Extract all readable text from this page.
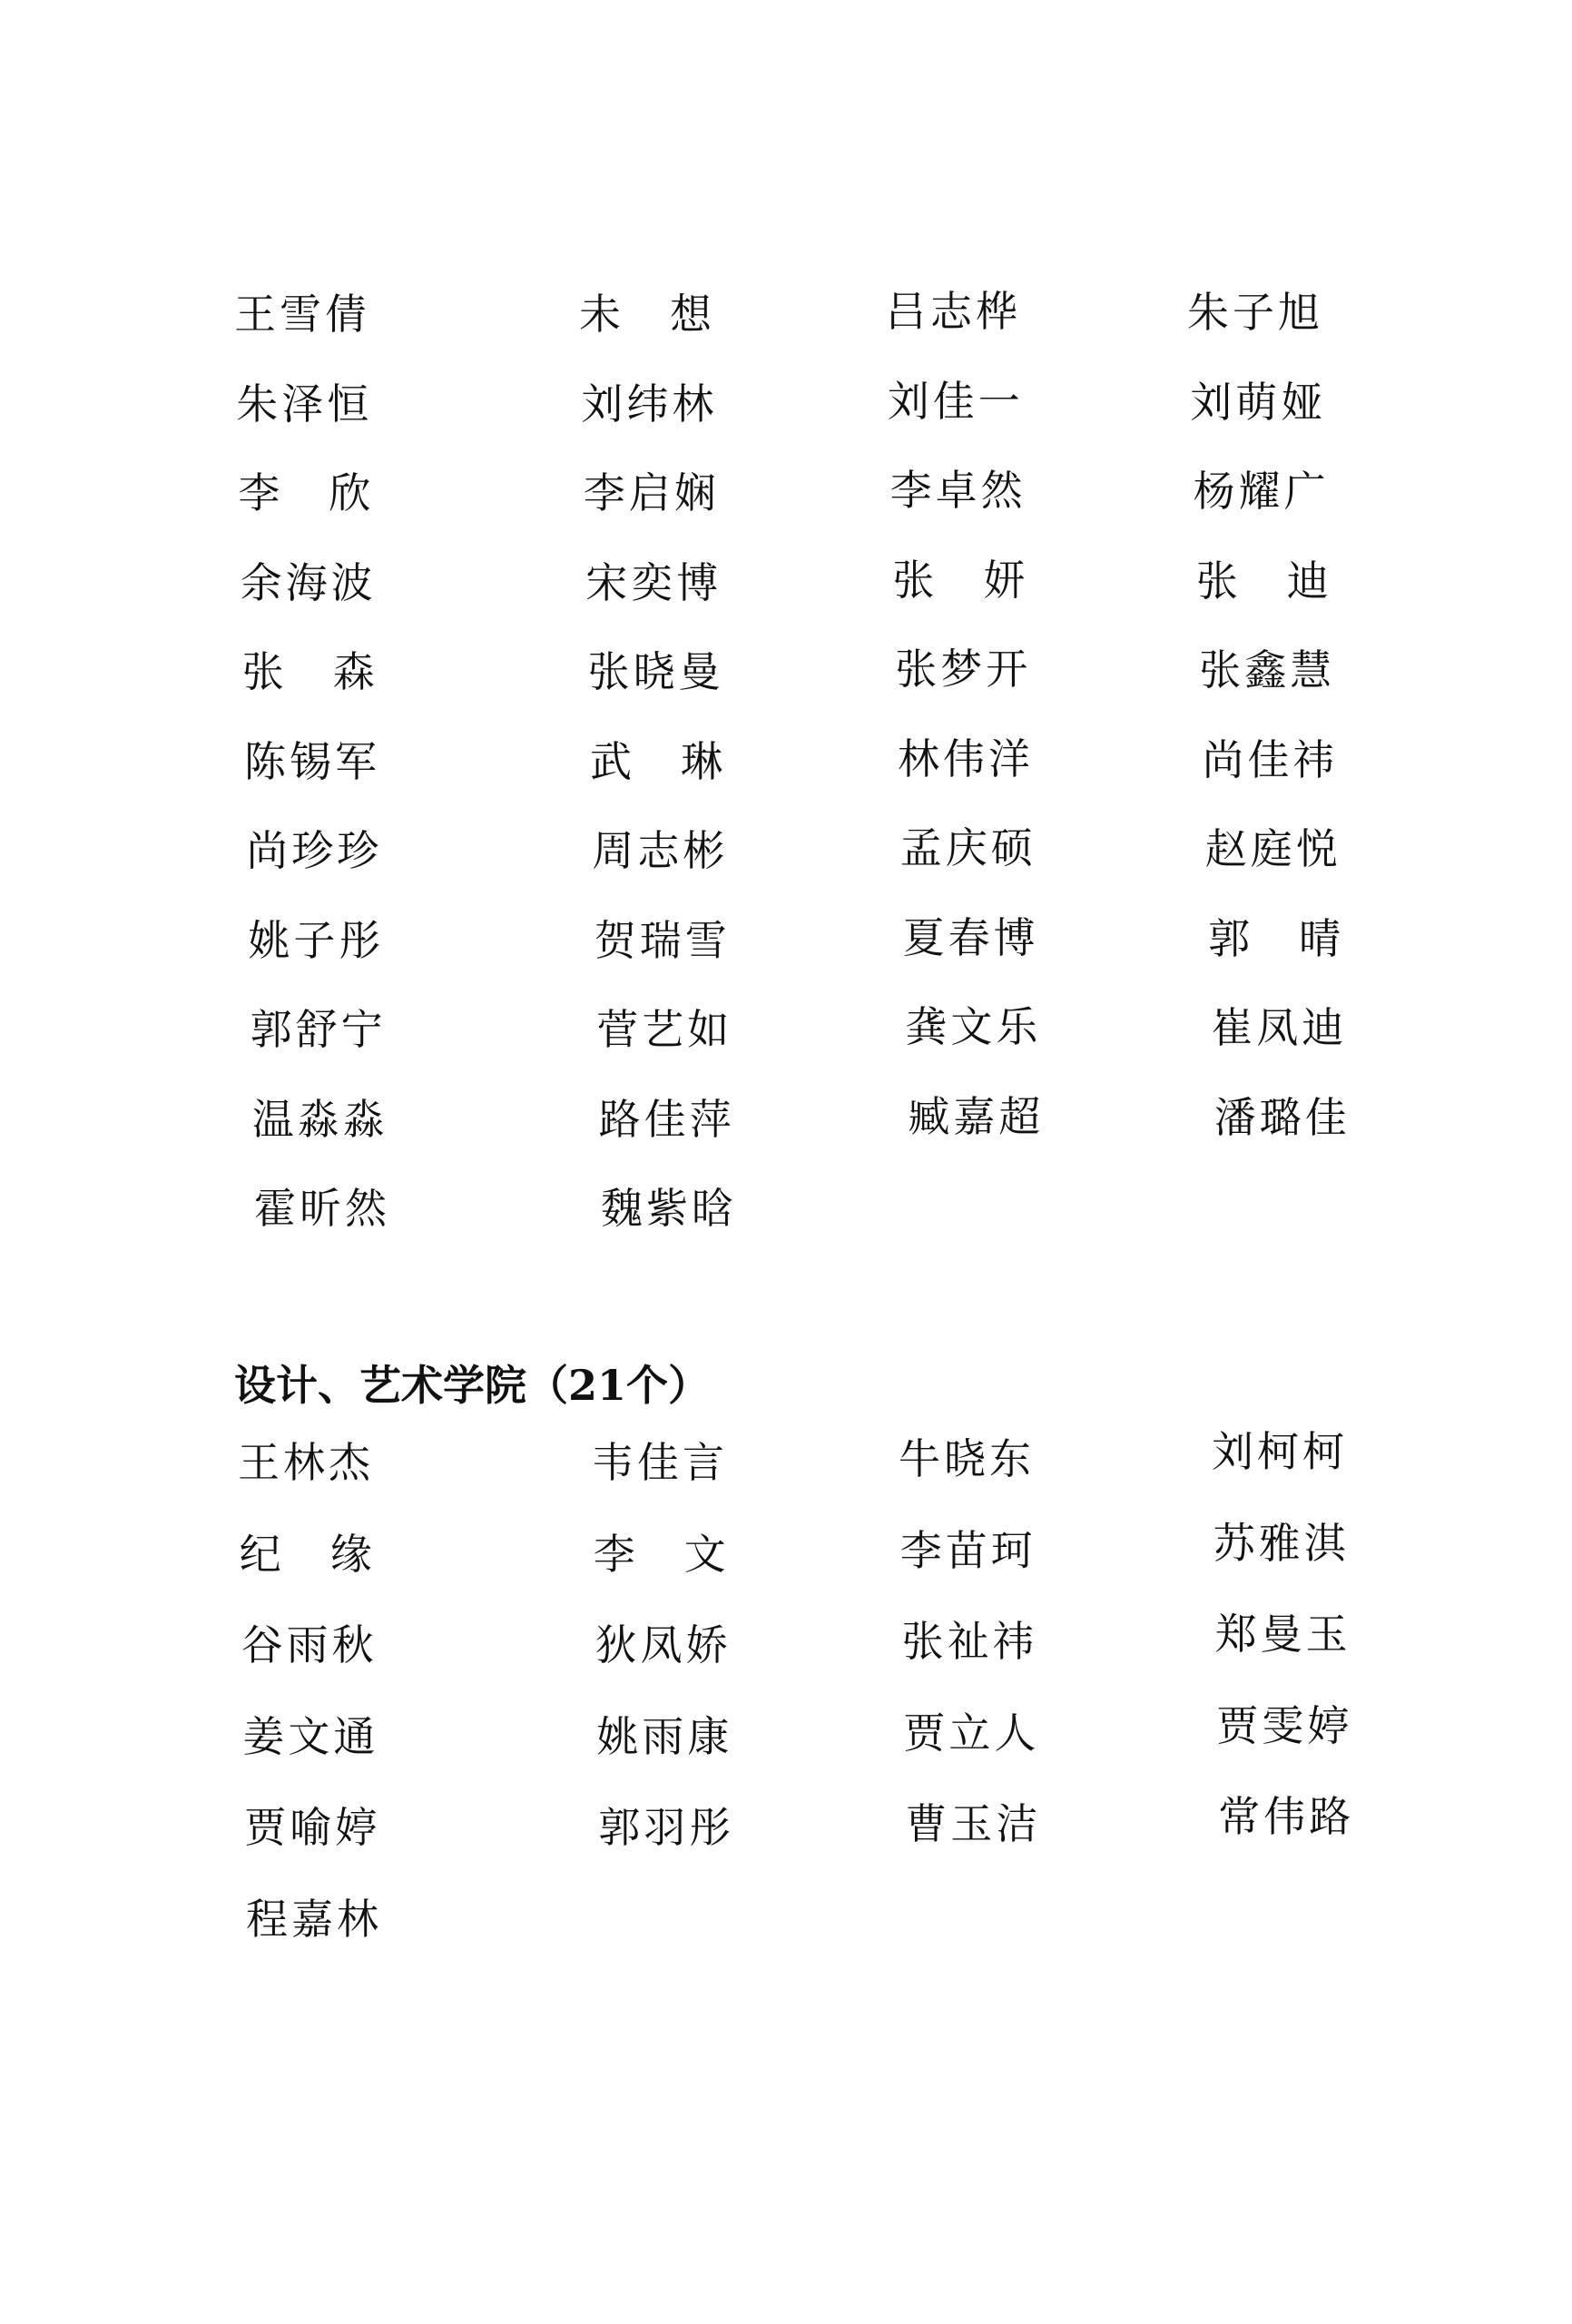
王雪倩	未　想	吕志桦	朱子旭
朱泽恒	刘纬林	刘佳一	刘萌娅
李　欣	李启娴	李卓然	杨耀广
余海波	宋奕博	张　妍	张　迪
张　森	张晓曼	张梦开	张鑫慧
陈锡军	武　琳	林伟洋	尚佳祎
尚珍珍	周志彬	孟庆硕	赵庭悦
姚子彤	贺瑞雪	夏春博	郭　晴
郭舒宁	菅艺如	龚文乐	崔凤迪
温淼淼	路佳萍	臧嘉超	潘璐佳
霍昕然	魏紫晗
设计、艺术学院（21个）
王林杰	韦佳言	牛晓东	刘柯柯
纪　缘	李　文	李苗珂	苏雅淇
谷雨秋	狄凤娇	张祉祎	郑曼玉
姜文通	姚雨康	贾立人	贾雯婷
贾喻婷	郭羽彤	曹玉洁	常伟路
程嘉林
